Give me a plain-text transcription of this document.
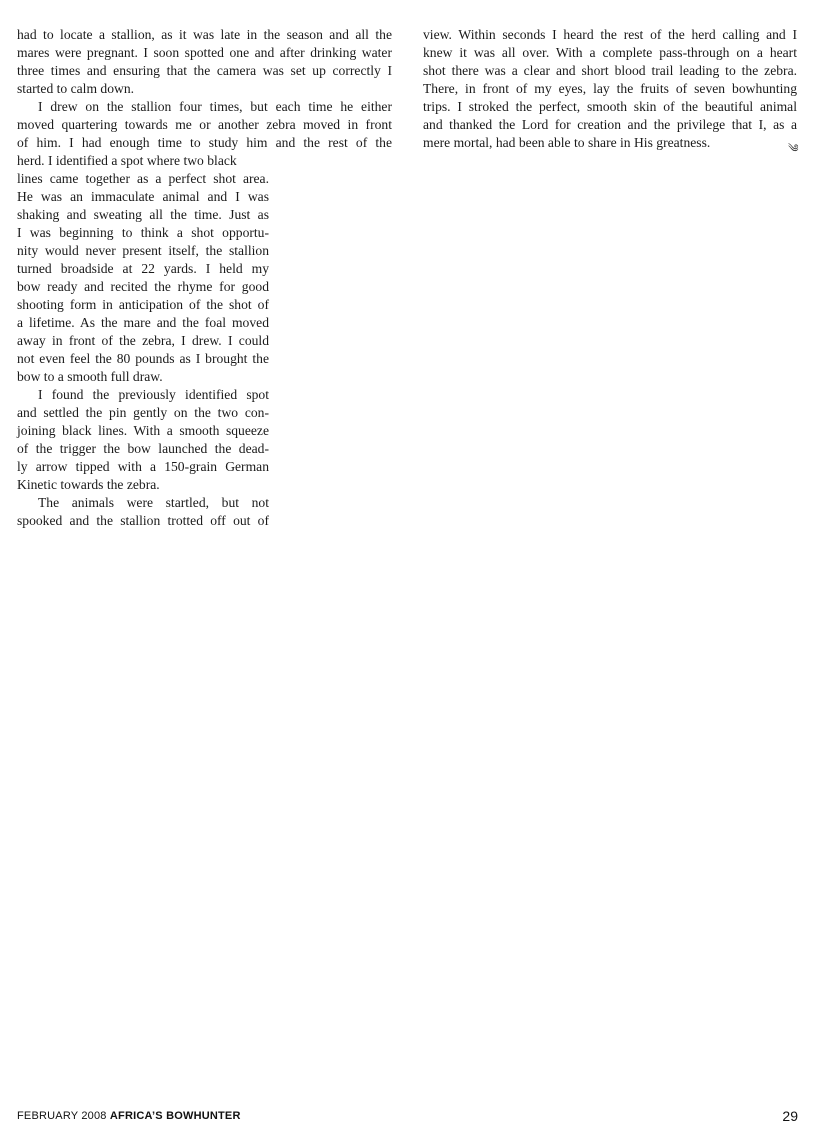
had to locate a stallion, as it was late in the season and all the
mares were pregnant. I soon spotted one and after drinking water
three times and ensuring that the camera was set up correctly I
started to calm down.
I drew on the stallion four times, but each time he either
moved quartering towards me or another zebra moved in front
of him. I had enough time to study him and the rest of the
herd. I identified a spot where two black
lines came together as a perfect shot area.
He was an immaculate animal and I was
shaking and sweating all the time. Just as
I was beginning to think a shot opportu-
nity would never present itself, the stallion
turned broadside at 22 yards. I held my
bow ready and recited the rhyme for good
shooting form in anticipation of the shot of
a lifetime. As the mare and the foal moved
away in front of the zebra, I drew. I could
not even feel the 80 pounds as I brought the
bow to a smooth full draw.
I found the previously identified spot
and settled the pin gently on the two con-
joining black lines. With a smooth squeeze
of the trigger the bow launched the dead-
ly arrow tipped with a 150-grain German
Kinetic towards the zebra.
The animals were startled, but not
spooked and the stallion trotted off out of
view. Within seconds I heard the rest of the herd calling and I
knew it was all over. With a complete pass-through on a heart
shot there was a clear and short blood trail leading to the zebra.
There, in front of my eyes, lay the fruits of seven bowhunting
trips. I stroked the perfect, smooth skin of the beautiful animal
and thanked the Lord for creation and the privilege that I, as a
mere mortal, had been able to share in His greatness.	༄
FEBRUARY 2008 AFRICA’S BOWHUNTER	29
